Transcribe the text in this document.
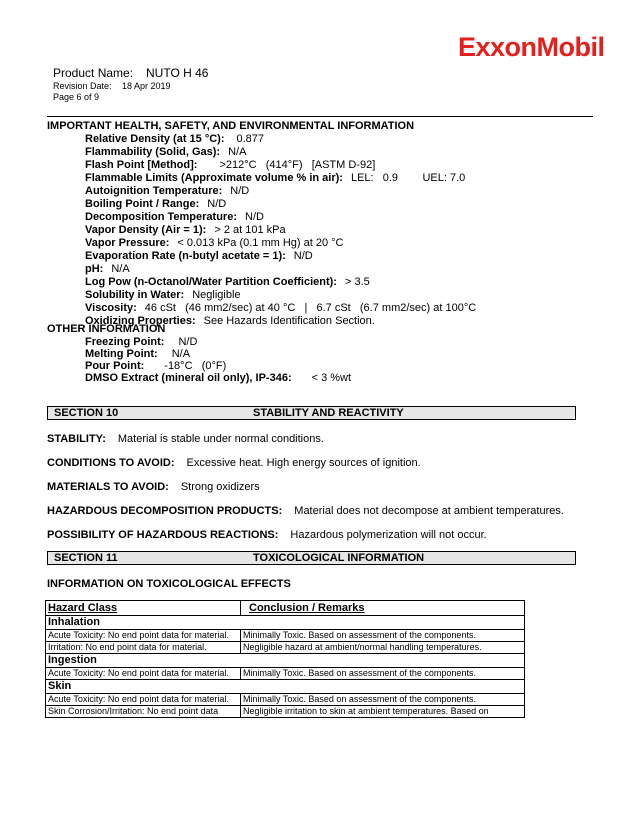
ExxonMobil
Product Name: NUTO H 46
Revision Date: 18 Apr 2019
Page 6 of 9
IMPORTANT HEALTH, SAFETY, AND ENVIRONMENTAL INFORMATION
Relative Density (at 15 °C): 0.877
Flammability (Solid, Gas): N/A
Flash Point [Method]: >212°C   (414°F)   [ASTM D-92]
Flammable Limits (Approximate volume % in air): LEL:   0.9        UEL: 7.0
Autoignition Temperature: N/D
Boiling Point / Range: N/D
Decomposition Temperature: N/D
Vapor Density (Air = 1): > 2 at 101 kPa
Vapor Pressure: < 0.013 kPa (0.1 mm Hg) at 20 °C
Evaporation Rate (n-butyl acetate = 1): N/D
pH: N/A
Log Pow (n-Octanol/Water Partition Coefficient): > 3.5
Solubility in Water: Negligible
Viscosity: 46 cSt   (46 mm2/sec) at 40 °C   |   6.7 cSt   (6.7 mm2/sec) at 100°C
Oxidizing Properties: See Hazards Identification Section.
OTHER INFORMATION
Freezing Point: N/D
Melting Point: N/A
Pour Point: -18°C   (0°F)
DMSO Extract (mineral oil only), IP-346: < 3 %wt
SECTION 10	STABILITY AND REACTIVITY
STABILITY: Material is stable under normal conditions.
CONDITIONS TO AVOID: Excessive heat. High energy sources of ignition.
MATERIALS TO AVOID: Strong oxidizers
HAZARDOUS DECOMPOSITION PRODUCTS: Material does not decompose at ambient temperatures.
POSSIBILITY OF HAZARDOUS REACTIONS: Hazardous polymerization will not occur.
SECTION 11	TOXICOLOGICAL INFORMATION
INFORMATION ON TOXICOLOGICAL EFFECTS
Hazard Class	Conclusion / Remarks
Inhalation	
Acute Toxicity: No end point data for material.	Minimally Toxic. Based on assessment of the components.
Irritation: No end point data for material.	Negligible hazard at ambient/normal handling temperatures.
Ingestion	
Acute Toxicity: No end point data for material.	Minimally Toxic. Based on assessment of the components.
Skin	
Acute Toxicity: No end point data for material.	Minimally Toxic. Based on assessment of the components.
Skin Corrosion/Irritation: No end point data	Negligible irritation to skin at ambient temperatures. Based on
